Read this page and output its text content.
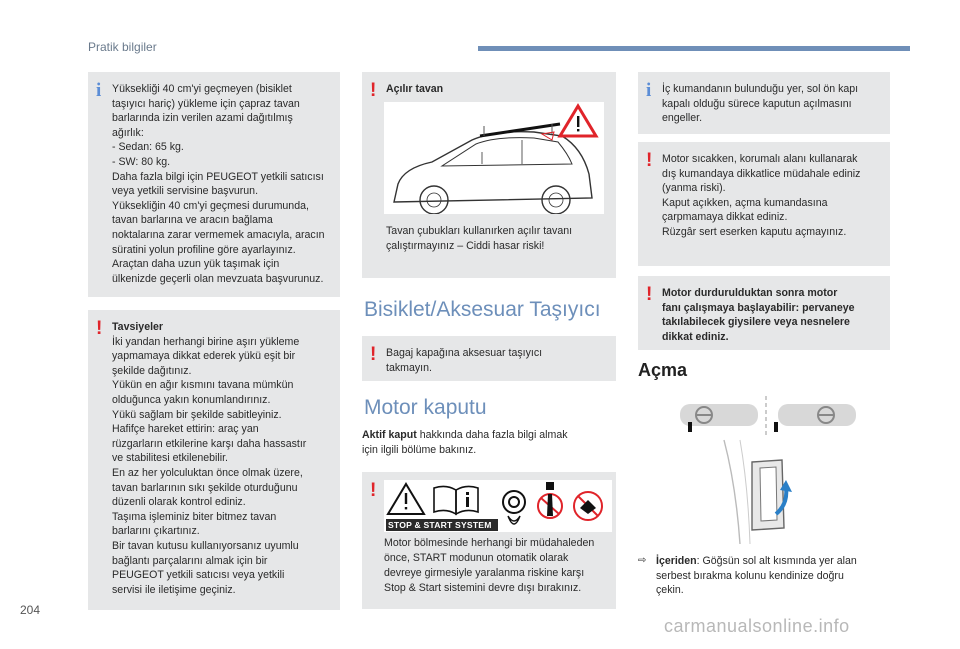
Pratik bilgiler
i Yüksekliği 40 cm'yi geçmeyen (bisiklet
taşıyıcı hariç) yükleme için çapraz tavan
barlarında izin verilen azami dağıtılmış
ağırlık:
- Sedan: 65 kg.
- SW: 80 kg.
Daha fazla bilgi için PEUGEOT yetkili satıcısı
veya yetkili servisine başvurun.
Yüksekliğin 40 cm'yi geçmesi durumunda,
tavan barlarına ve aracın bağlama
noktalarına zarar vermemek amacıyla, aracın
süratini yolun profiline göre ayarlayınız.
Araçtan daha uzun yük taşımak için
ülkenizde geçerli olan mevzuata başvurunuz.
! Tavsiyeler
İki yandan herhangi birine aşırı yükleme
yapmamaya dikkat ederek yükü eşit bir
şekilde dağıtınız.
Yükün en ağır kısmını tavana mümkün
olduğunca yakın konumlandırınız.
Yükü sağlam bir şekilde sabitleyiniz.
Hafifçe hareket ettirin: araç yan
rüzgarların etkilerine karşı daha hassastır
ve stabilitesi etkilenebilir.
En az her yolculuktan önce olmak üzere,
tavan barlarının sıkı şekilde oturduğunu
düzenli olarak kontrol ediniz.
Taşıma işleminiz biter bitmez tavan
barlarını çıkartınız.
Bir tavan kutusu kullanıyorsanız uyumlu
bağlantı parçalarını almak için bir
PEUGEOT yetkili satıcısı veya yetkili
servisi ile iletişime geçiniz.
! Açılır tavan
Tavan çubukları kullanırken açılır tavanı
çalıştırmayınız – Ciddi hasar riski!
Bisiklet/Aksesuar Taşıyıcı
! Bagaj kapağına aksesuar taşıyıcı
takmayın.
Motor kaputu
Aktif kaput hakkında daha fazla bilgi almak
için ilgili bölüme bakınız.
!
STOP & START SYSTEM
Motor bölmesinde herhangi bir müdahaleden
önce, START modunun otomatik olarak
devreye girmesiyle yaralanma riskine karşı
Stop & Start sistemini devre dışı bırakınız.
i İç kumandanın bulunduğu yer, sol ön kapı
kapalı olduğu sürece kaputun açılmasını
engeller.
! Motor sıcakken, korumalı alanı kullanarak
dış kumandaya dikkatlice müdahale ediniz
(yanma riski).
Kaput açıkken, açma kumandasına
çarpmamaya dikkat ediniz.
Rüzgâr sert eserken kaputu açmayınız.
! Motor durdurulduktan sonra motor
fanı çalışmaya başlayabilir: pervaneye
takılabilecek giysilere veya nesnelere
dikkat ediniz.
Açma
⇨ İçeriden: Göğsün sol alt kısmında yer alan
serbest bırakma kolunu kendinize doğru
çekin.
204
carmanualsonline.info
